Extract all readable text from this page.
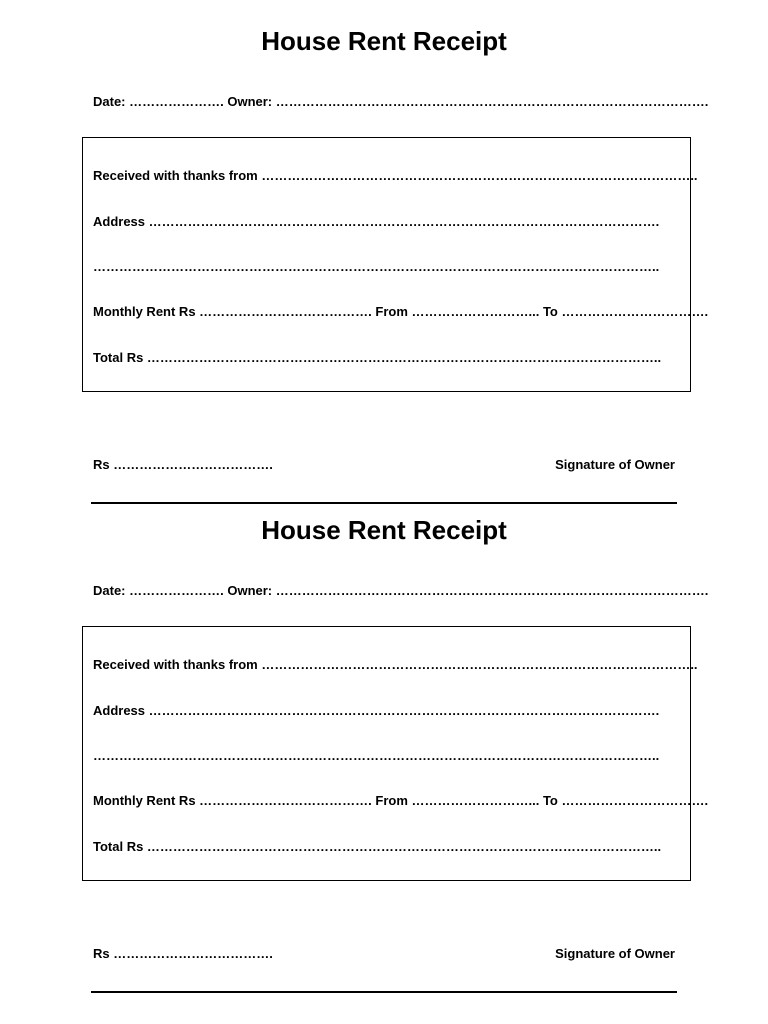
House Rent Receipt
Date: …………………. Owner: ……………………………………………………………………………………….
Received with thanks from ………………………………………………………………………………………..
Address ……………………………………………………………………………………………………….
…………………………………………………………………………………………………………………..
Monthly Rent Rs …………………………………. From ………………………... To …………………………….
Total Rs ………………………………………………………………………………………………………..
Rs ……………………………….	Signature of Owner
House Rent Receipt
Date: …………………. Owner: ……………………………………………………………………………………….
Received with thanks from ………………………………………………………………………………………..
Address ……………………………………………………………………………………………………….
…………………………………………………………………………………………………………………..
Monthly Rent Rs …………………………………. From ………………………... To …………………………….
Total Rs ………………………………………………………………………………………………………..
Rs ……………………………….	Signature of Owner
